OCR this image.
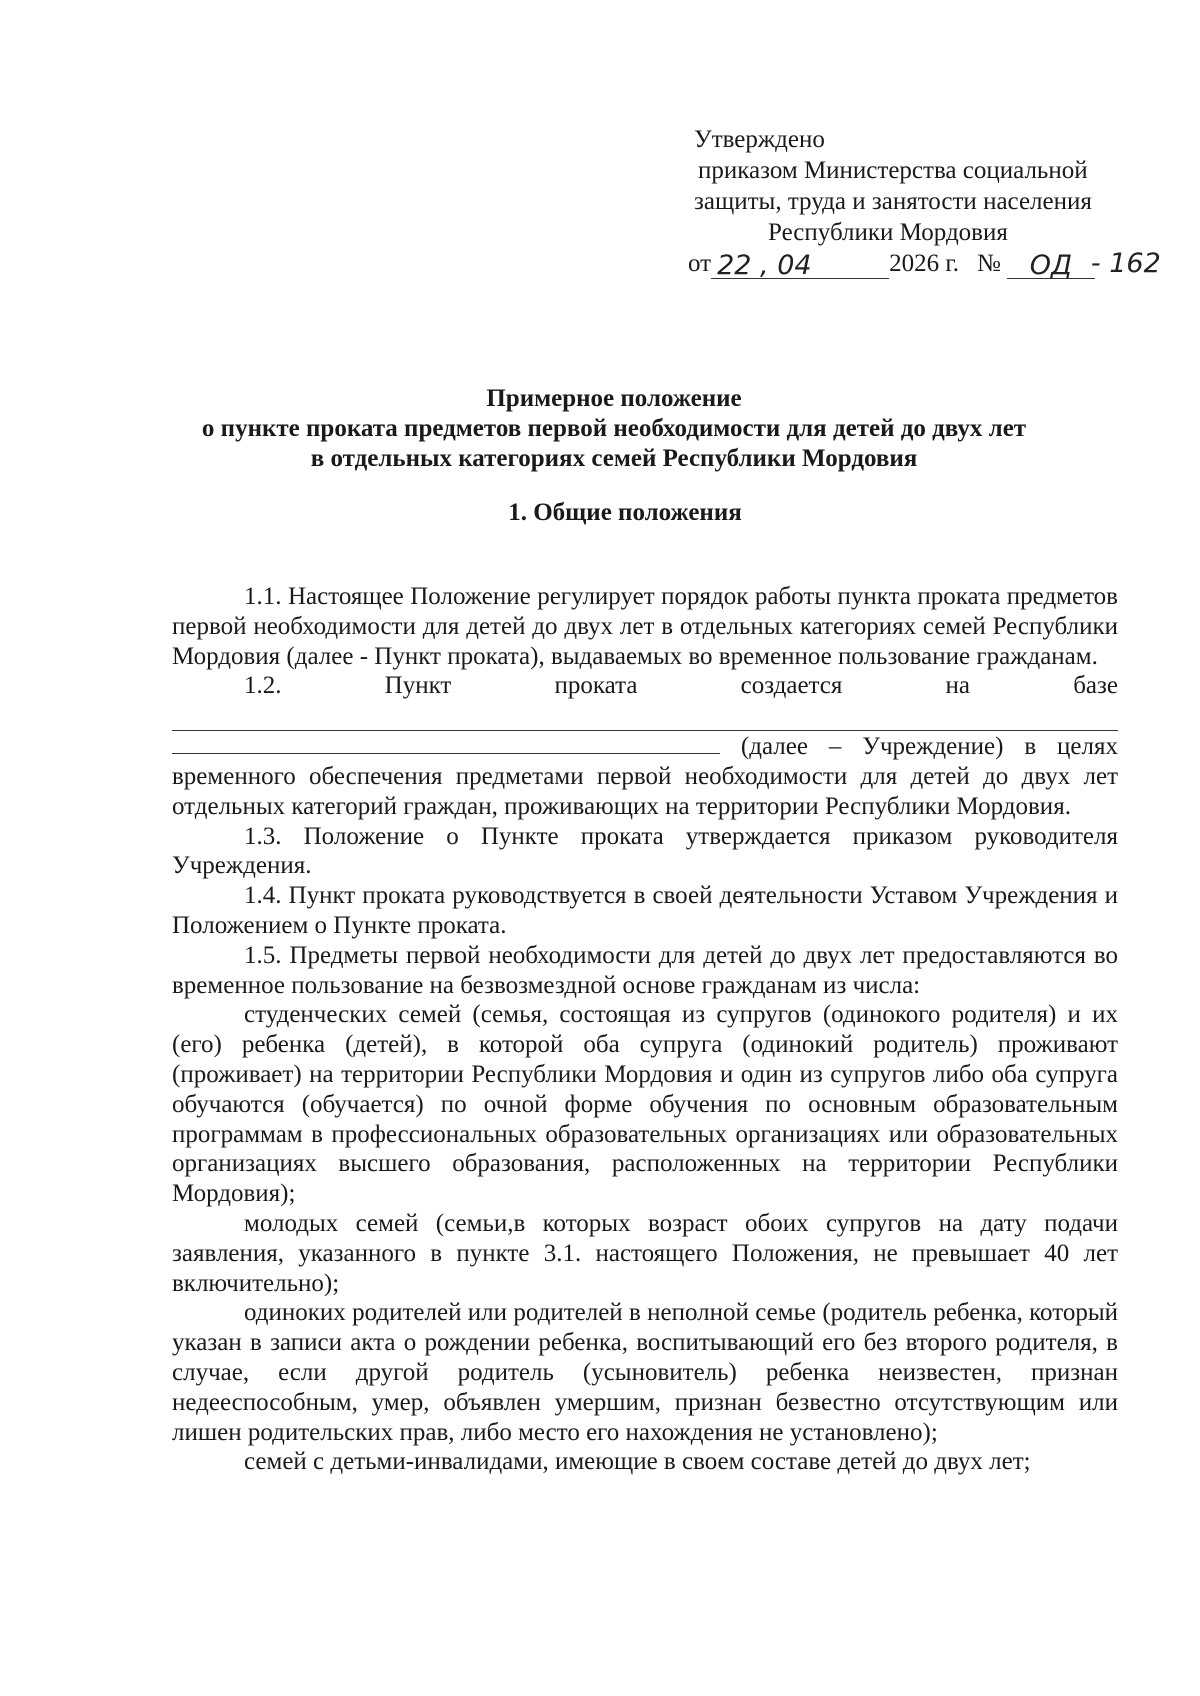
Утверждено
приказом Министерства социальной
защиты, труда и занятости населения
Республики Мордовия
от 22 , 04	2026 г. №	ОД - 162
Примерное положение
о пункте проката предметов первой необходимости для детей до двух лет
в отдельных категориях семей Республики Мордовия
1. Общие положения

1.1. Настоящее Положение регулирует порядок работы пункта проката предметов первой необходимости для детей до двух лет в отдельных категориях семей Республики Мордовия (далее - Пункт проката), выдаваемых во временное пользование гражданам.

1.2. Пункт проката создается на базе

(далее – Учреждение) в целях временного обеспечения предметами первой необходимости для детей до двух лет отдельных категорий граждан, проживающих на территории Республики Мордовия.

1.3. Положение о Пункте проката утверждается приказом руководителя Учреждения.

1.4. Пункт проката руководствуется в своей деятельности Уставом Учреждения и Положением о Пункте проката.

1.5. Предметы первой необходимости для детей до двух лет предоставляются во временное пользование на безвозмездной основе гражданам из числа:

студенческих семей (семья, состоящая из супругов (одинокого родителя) и их (его) ребенка (детей), в которой оба супруга (одинокий родитель) проживают (проживает) на территории Республики Мордовия и один из супругов либо оба супруга обучаются (обучается) по очной форме обучения по основным образовательным программам в профессиональных образовательных организациях или образовательных организациях высшего образования, расположенных на территории Республики Мордовия);

молодых семей (семьи,в которых возраст обоих супругов на дату подачи заявления, указанного в пункте 3.1. настоящего Положения, не превышает 40 лет включительно);

одиноких родителей или родителей в неполной семье (родитель ребенка, который указан в записи акта о рождении ребенка, воспитывающий его без второго родителя, в случае, если другой родитель (усыновитель) ребенка неизвестен, признан недееспособным, умер, объявлен умершим, признан безвестно отсутствующим или лишен родительских прав, либо место его нахождения не установлено);

семей с детьми-инвалидами, имеющие в своем составе детей до двух лет;
